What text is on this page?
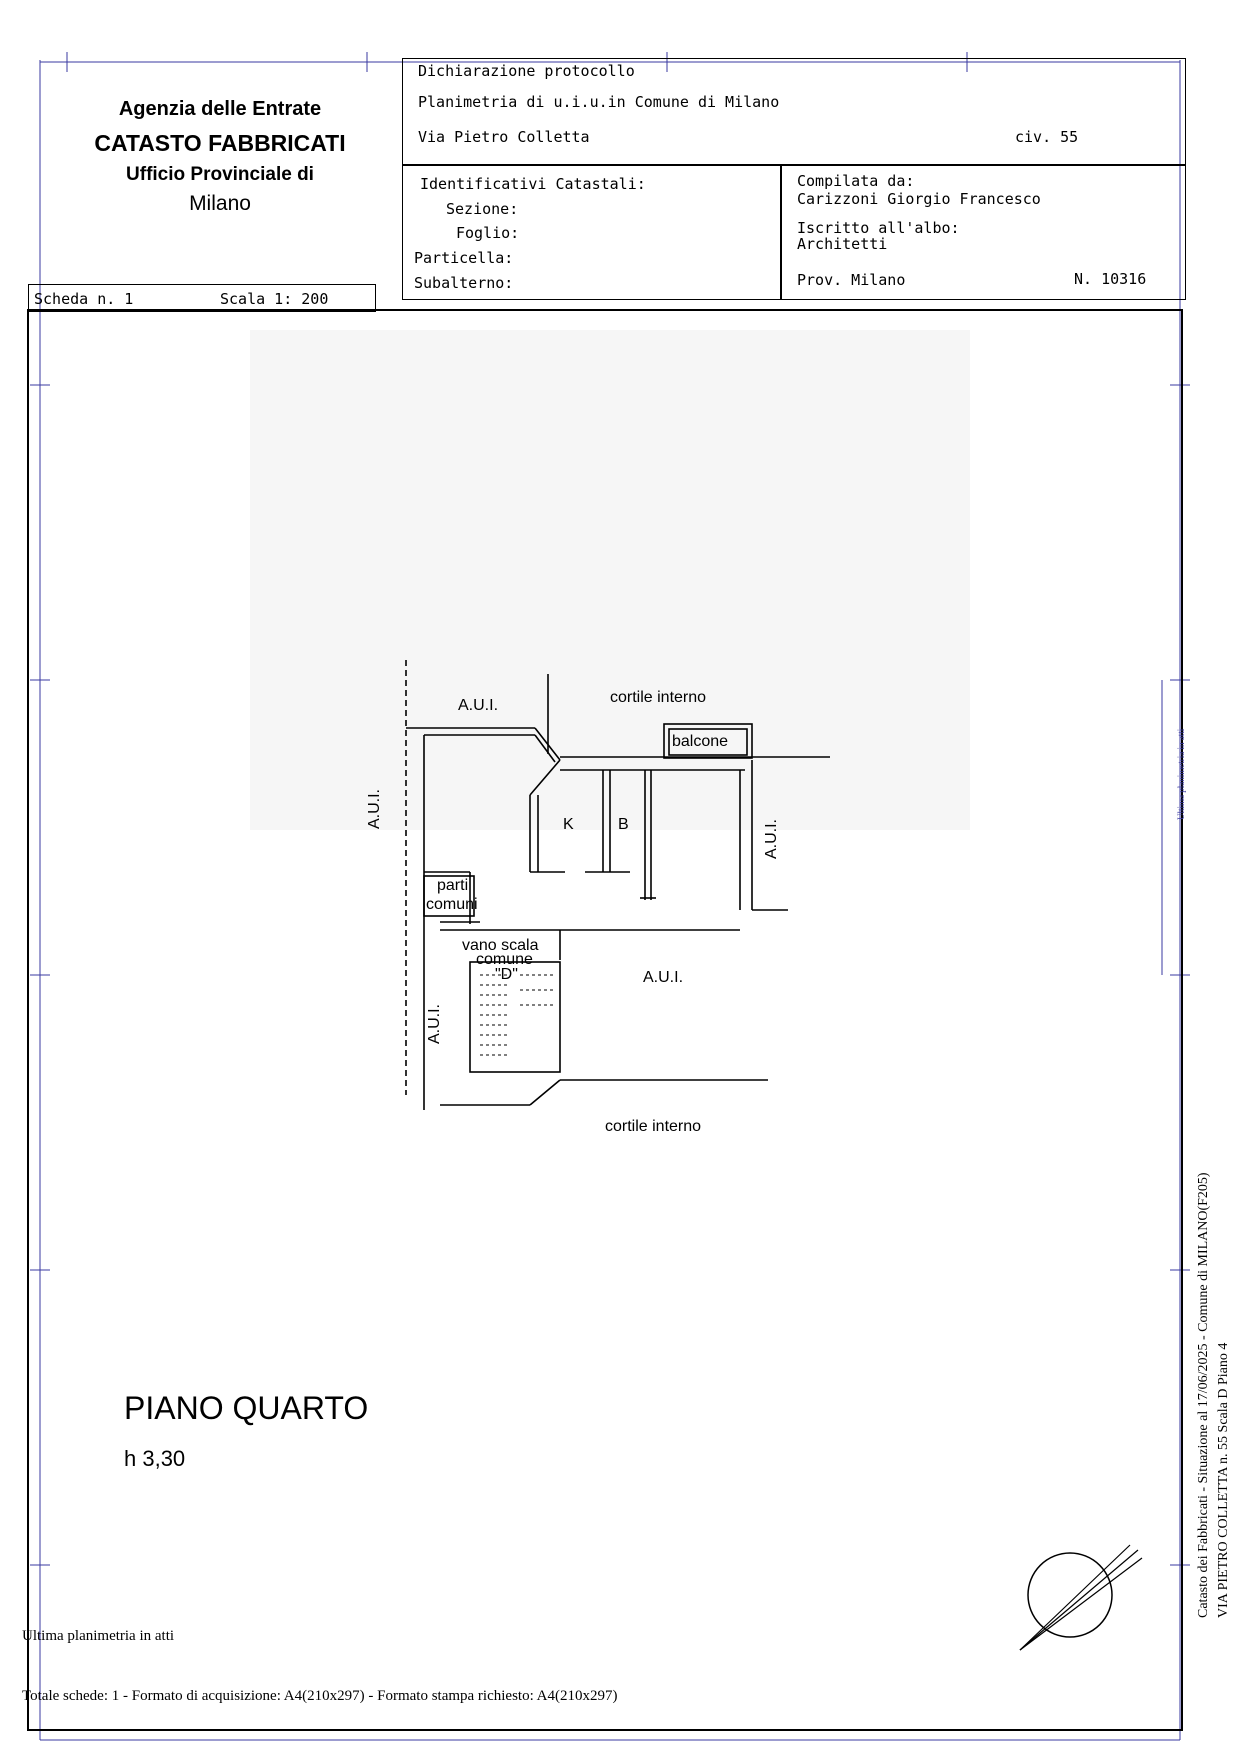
Agenzia delle Entrate
CATASTO FABBRICATI
Ufficio Provinciale di
Milano
Dichiarazione protocollo
Planimetria di u.i.u.in Comune di Milano
Via Pietro Colletta	civ. 55
Identificativi Catastali:
Sezione:
Foglio:
Particella:
Subalterno:
Compilata da:
Carizzoni Giorgio Francesco
Iscritto all'albo:
Architetti
Prov. Milano	N. 10316
Scheda n. 1	Scala 1: 200
A.U.I.	cortile interno
balcone
A.U.I.	K	B	A.U.I.
parti
comuni
vano scala
comune
"D"	A.U.I.
A.U.I.
cortile interno
PIANO QUARTO
h 3,30	Catasto dei Fabbricati - Situazione al 17/06/2025 - Comune di MILANO(F205) VIA PIETRO COLLETTA n. 55 Scala D Piano 4
Ultima planimetria in atti
Ultima planimetria in atti
Totale schede: 1 - Formato di acquisizione: A4(210x297) - Formato stampa richiesto: A4(210x297)
